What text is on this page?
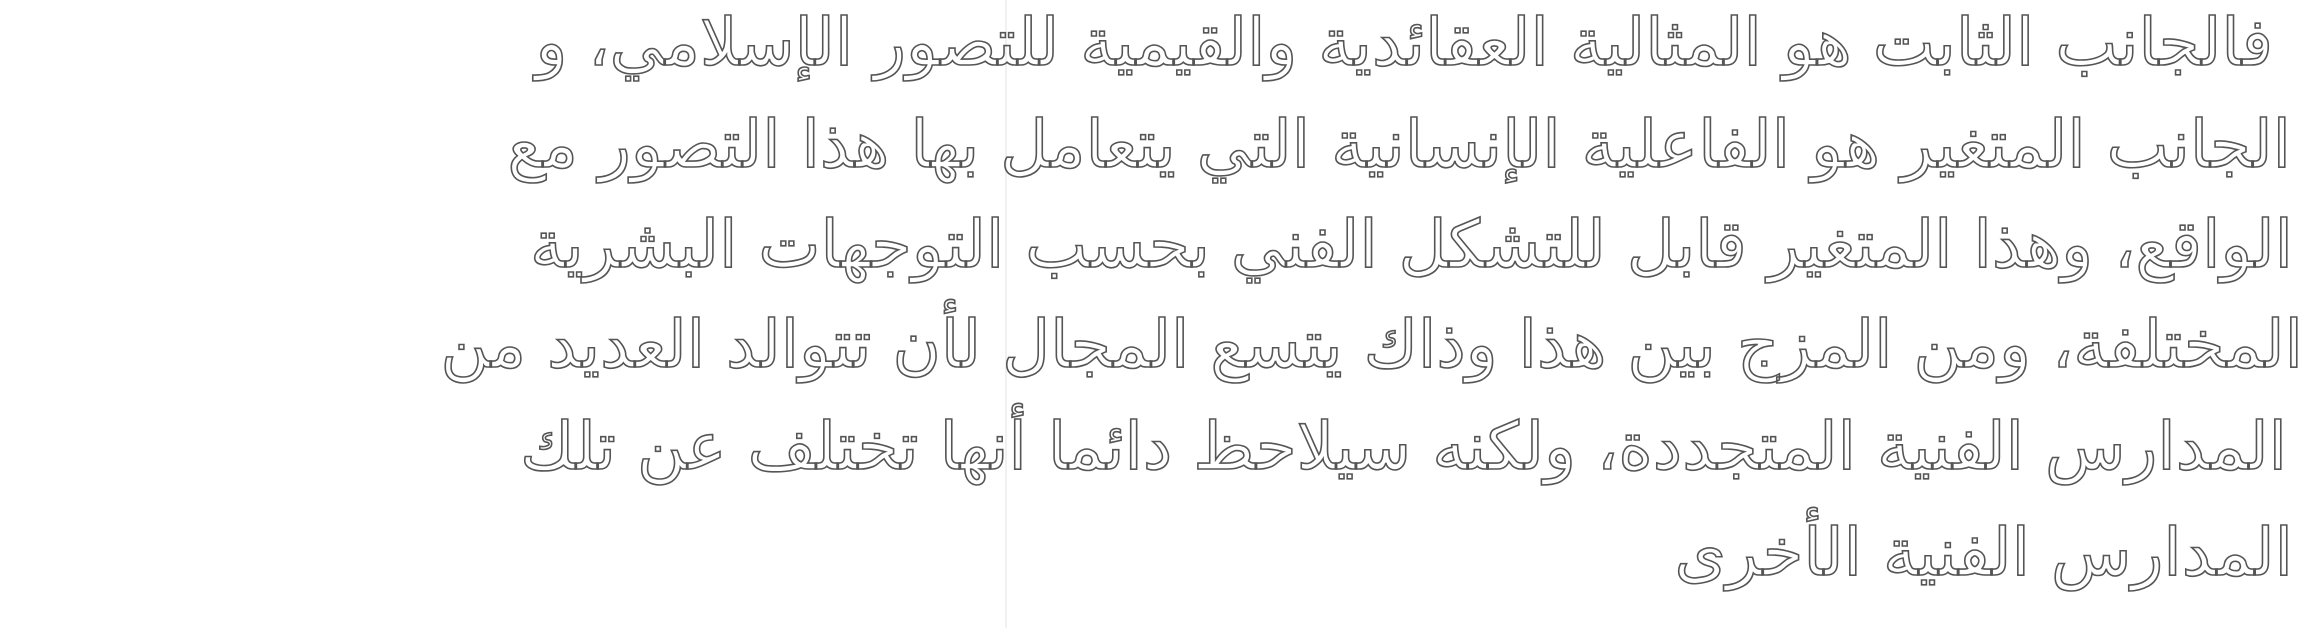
فالجانب الثابت هو المثالية العقائدية والقيمية للتصور الإسلامي، و
الجانب المتغير هو الفاعلية الإنسانية التي يتعامل بها هذا التصور مع
الواقع، وهذا المتغير قابل للتشكل الفني بحسب التوجهات البشرية
المختلفة، ومن المزج بين هذا وذاك يتسع المجال لأن تتوالد العديد من
المدارس الفنية المتجددة، ولكنه سيلاحظ دائما أنها تختلف عن تلك
المدارس الفنية الأخرى
